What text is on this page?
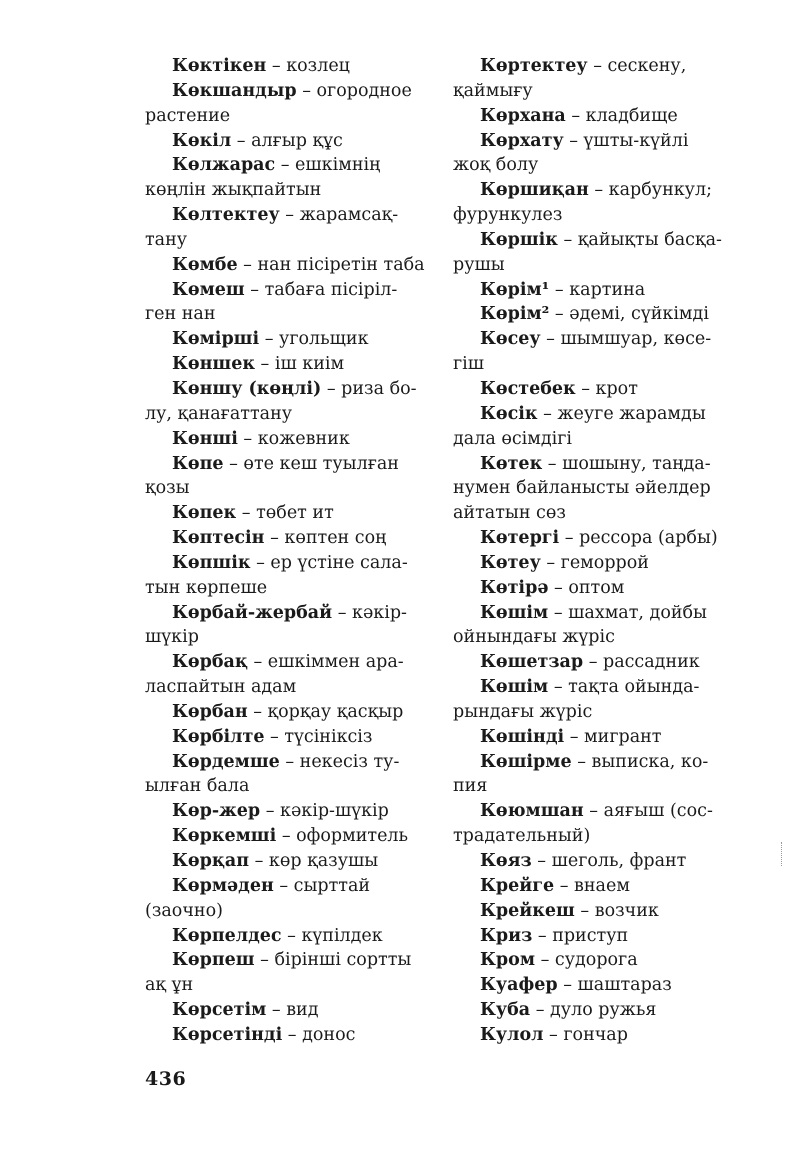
Көктікен – козлец
Көкшандыр – огородное
растение
Көкіл – алғыр құс
Көлжарас – ешкімнің
көңлін жықпайтын
Көлтектеу – жарамсақ-
тану
Көмбе – нан пісіретін таба
Көмеш – табаға пісіріл-
ген нан
Көмірші – угольщик
Көншек – іш киім
Көншу (көңлі) – риза бо-
лу, қанағаттану
Көнші – кожевник
Көпе – өте кеш туылған
қозы
Көпек – төбет ит
Көптесін – көптен соң
Көпшік – ер үстіне сала-
тын көрпеше
Көрбай-жербай – кәкір-
шүкір
Көрбақ – ешкіммен ара-
ласпайтын адам
Көрбан – қорқау қасқыр
Көрбілте – түсініксіз
Көрдемше – некесіз ту-
ылған бала
Көр-жер – кәкір-шүкір
Көркемші – оформитель
Көрқап – көр қазушы
Көрмәден – сырттай
(заочно)
Көрпелдес – күпілдек
Көрпеш – бірінші сортты
ақ ұн
Көрсетім – вид
Көрсетінді – донос
Көртектеу – сескену,
қаймығу
Көрхана – кладбище
Көрхату – үшты-күйлі
жоқ болу
Көршиқан – карбункул;
фурункулез
Көршік – қайықты басқа-
рушы
Көрім¹ – картина
Көрім² – әдемі, сүйкімді
Көсеу – шымшуар, көсе-
гіш
Көстебек – крот
Көсік – жеуге жарамды
дала өсімдігі
Көтек – шошыну, таңда-
нумен байланысты әйелдер
айтатын сөз
Көтергі – рессора (арбы)
Көтеу – геморрой
Көтірә – оптом
Көшім – шахмат, дойбы
ойнындағы жүріс
Көшетзар – рассадник
Көшім – тақта ойында-
рындағы жүріс
Көшінді – мигрант
Көшірме – выписка, ко-
пия
Көюмшан – аяғыш (сос-
традательный)
Көяз – шеголь, франт
Крейге – внаем
Крейкеш – возчик
Криз – приступ
Кром – судорога
Куафер – шаштараз
Куба – дуло ружья
Кулол – гончар
436
